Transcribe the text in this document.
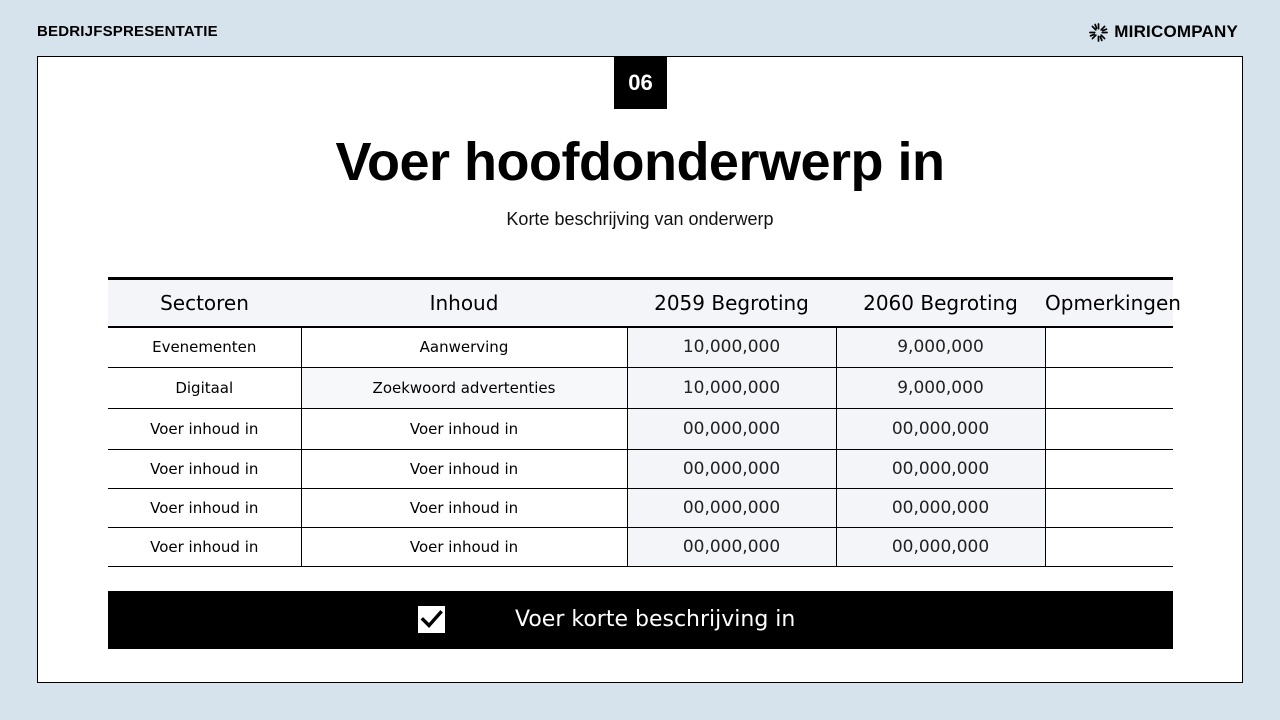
BEDRIJFSPRESENTATIE	MIRICOMPANY
06
Voer hoofdonderwerp in
Korte beschrijving van onderwerp
Sectoren	Inhoud	2059 Begroting	2060 Begroting	Opmerkingen
Evenementen	Aanwerving	10,000,000	9,000,000	
Digitaal	Zoekwoord advertenties	10,000,000	9,000,000	
Voer inhoud in	Voer inhoud in	00,000,000	00,000,000	
Voer inhoud in	Voer inhoud in	00,000,000	00,000,000	
Voer inhoud in	Voer inhoud in	00,000,000	00,000,000	
Voer inhoud in	Voer inhoud in	00,000,000	00,000,000	
Voer korte beschrijving in
